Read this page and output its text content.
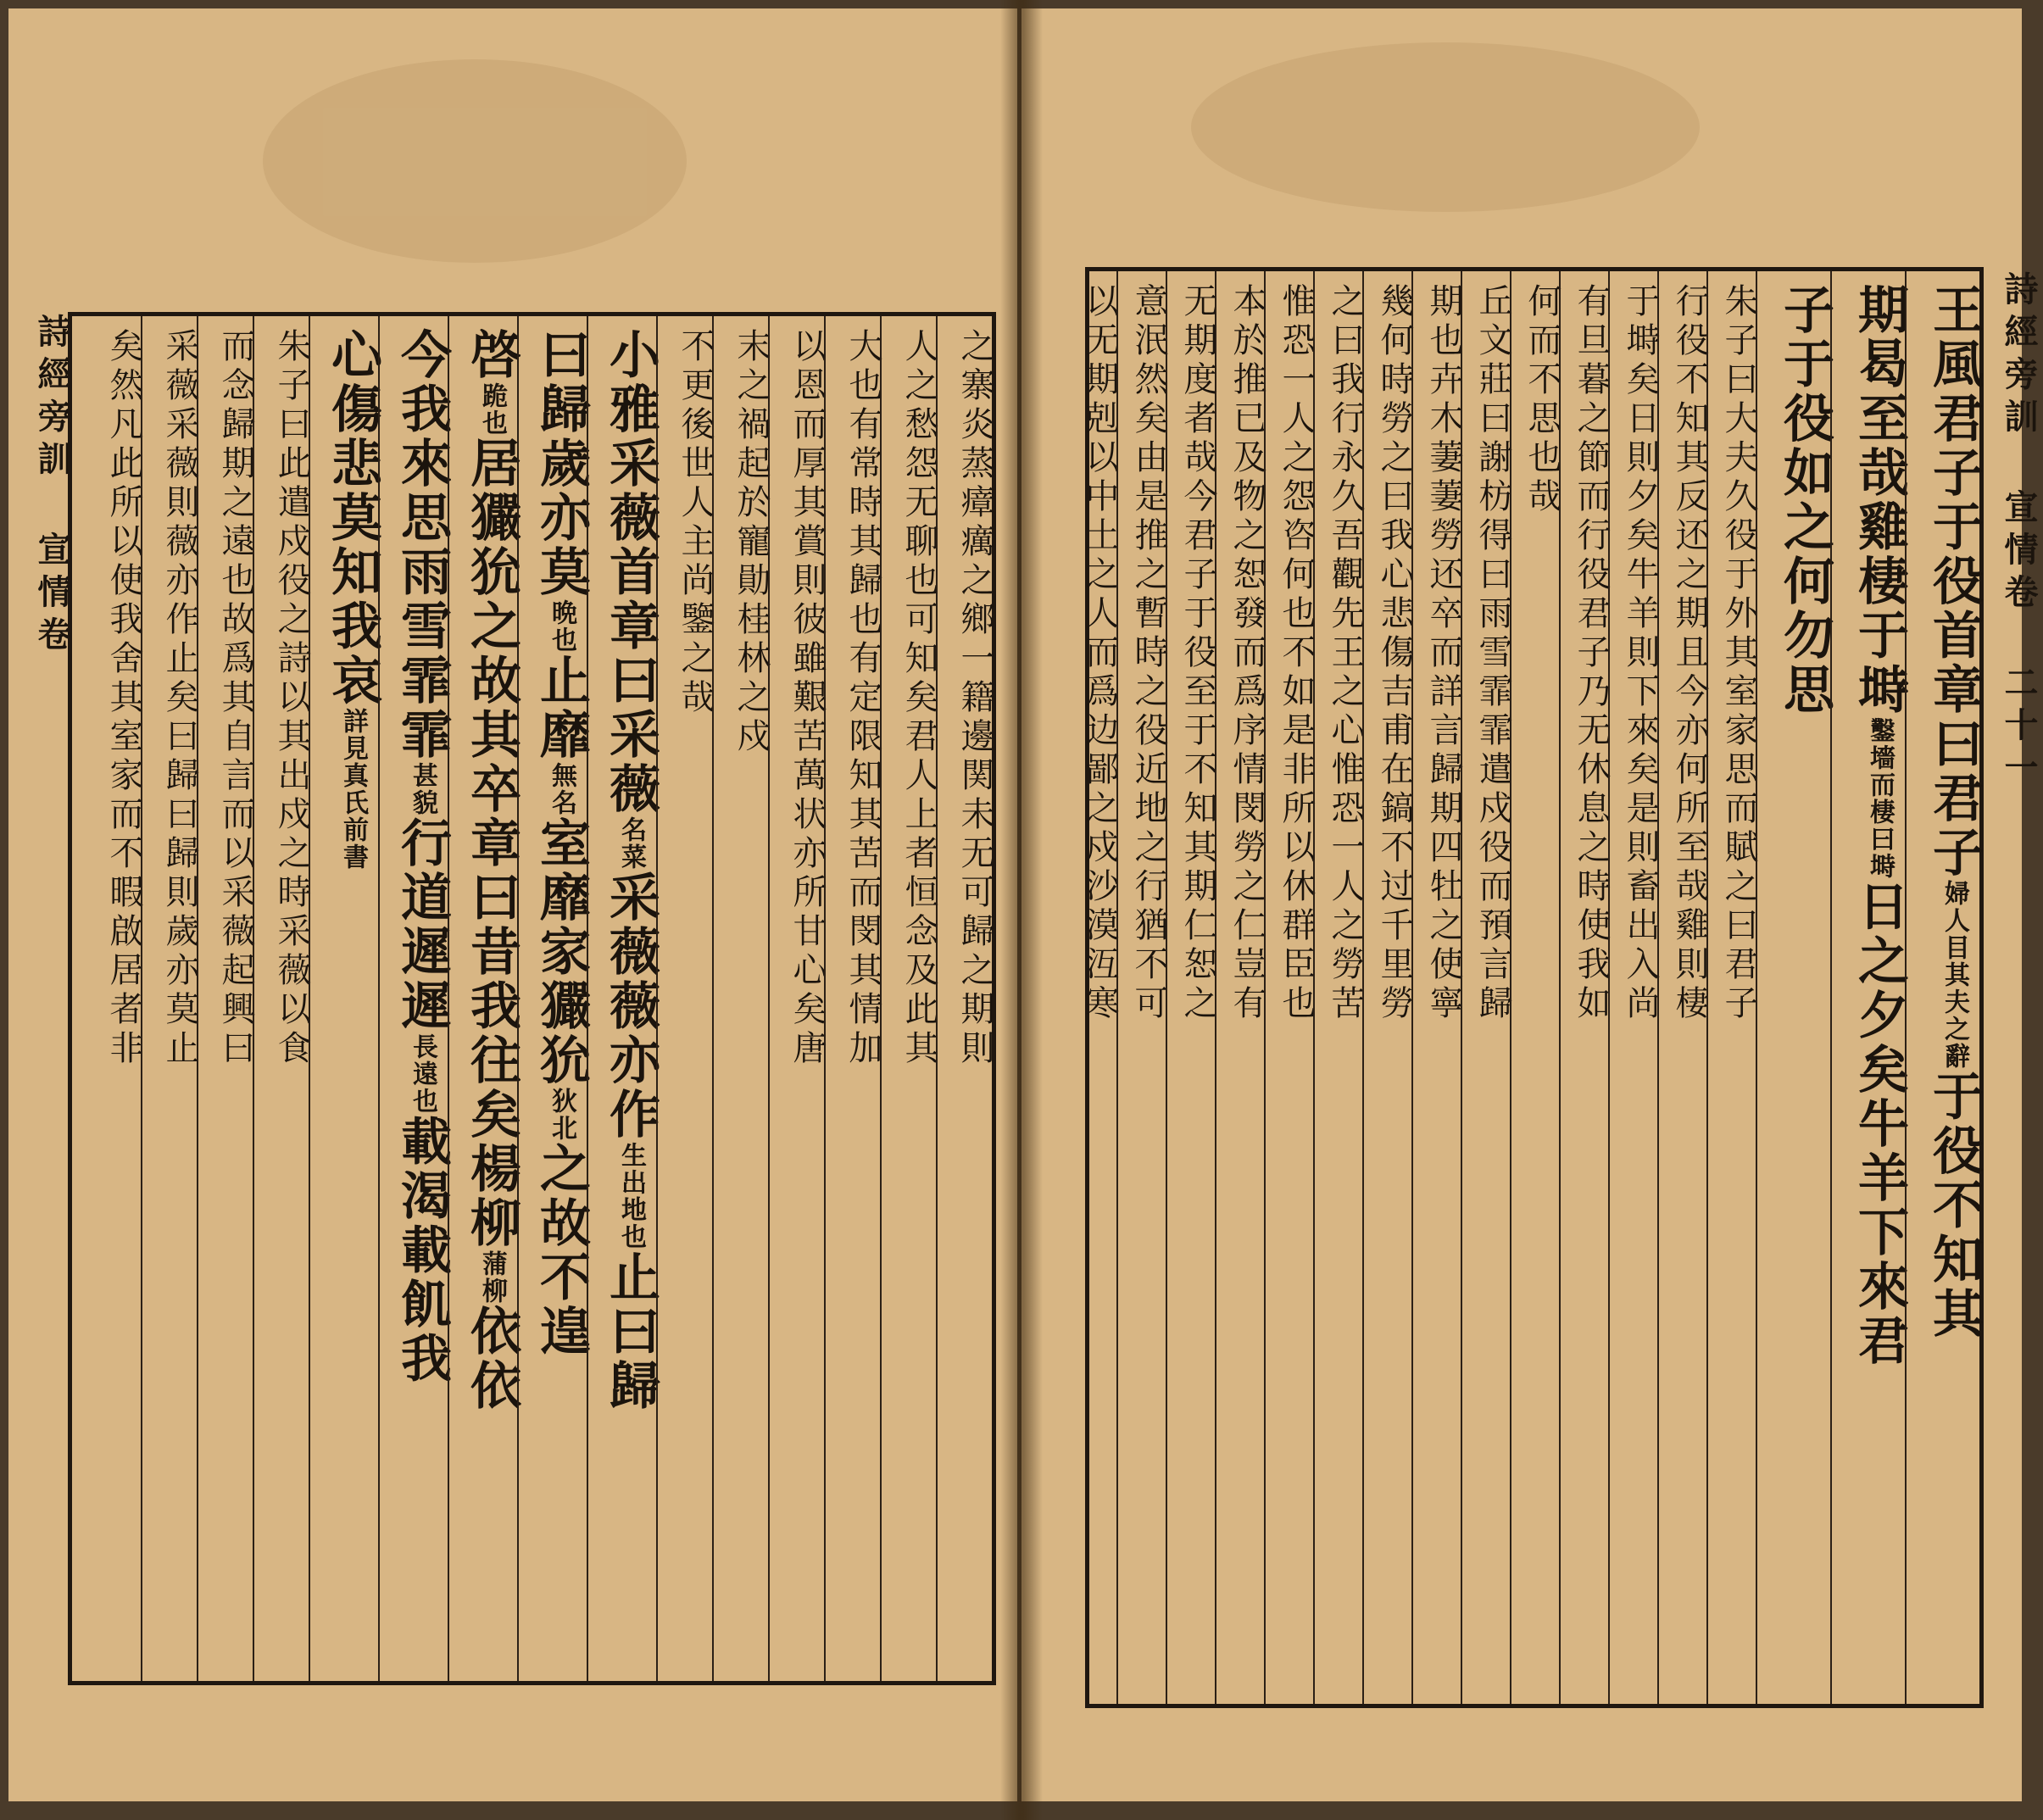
詩經旁訓 宣情卷	之寨炎蒸瘴癘之鄉一籍邊関未无可歸之期則
人之愁怨无聊也可知矣君人上者恒念及此其
大也有常時其歸也有定限知其苦而閔其情加
以恩而厚其賞則彼雖艱苦萬状亦所甘心矣唐
末之禍起於寵勛桂林之戍
不更後世人主尚鑒之哉
小雅采薇首章曰采薇名菜采薇薇亦作生出地也止曰歸
曰歸歲亦莫晩也止靡無名室靡家玁狁狄北之故不遑
啓跪也居玁狁之故其卒章曰昔我往矣楊柳蒲柳依依
今我來思雨雪霏霏甚貌行道遲遲長遠也載渴載飢我
心傷悲莫知我哀詳見真氏前書
朱子曰此遣戍役之詩以其出戍之時采薇以食
而念歸期之遠也故爲其自言而以采薇起興曰
采薇采薇則薇亦作止矣曰歸曰歸則歲亦莫止
矣然凡此所以使我舍其室家而不暇啟居者非	王風君子于役首章曰君子婦人目其夫之辭于役不知其
期曷至哉雞棲于塒鑿墻而棲曰塒日之夕矣牛羊下來君
子于役如之何勿思
朱子曰大夫久役于外其室家思而賦之曰君子
行役不知其反还之期且今亦何所至哉雞則棲
于塒矣日則夕矣牛羊則下來矣是則畜出入尚
有旦暮之節而行役君子乃无休息之時使我如
何而不思也哉
丘文莊曰謝枋得曰雨雪霏霏遣戍役而預言歸
期也卉木萋萋勞还卒而詳言歸期四牡之使寧
幾何時勞之曰我心悲傷吉甫在鎬不过千里勞
之曰我行永久吾觀先王之心惟恐一人之勞苦
惟恐一人之怨咨何也不如是非所以休群臣也
本於推已及物之恕發而爲序情閔勞之仁豈有
无期度者哉今君子于役至于不知其期仁恕之
意泯然矣由是推之暫時之役近地之行猶不可
以无期剋以中土之人而爲边鄙之戍沙漠沍寒	詩經旁訓 宣情卷 二十一
